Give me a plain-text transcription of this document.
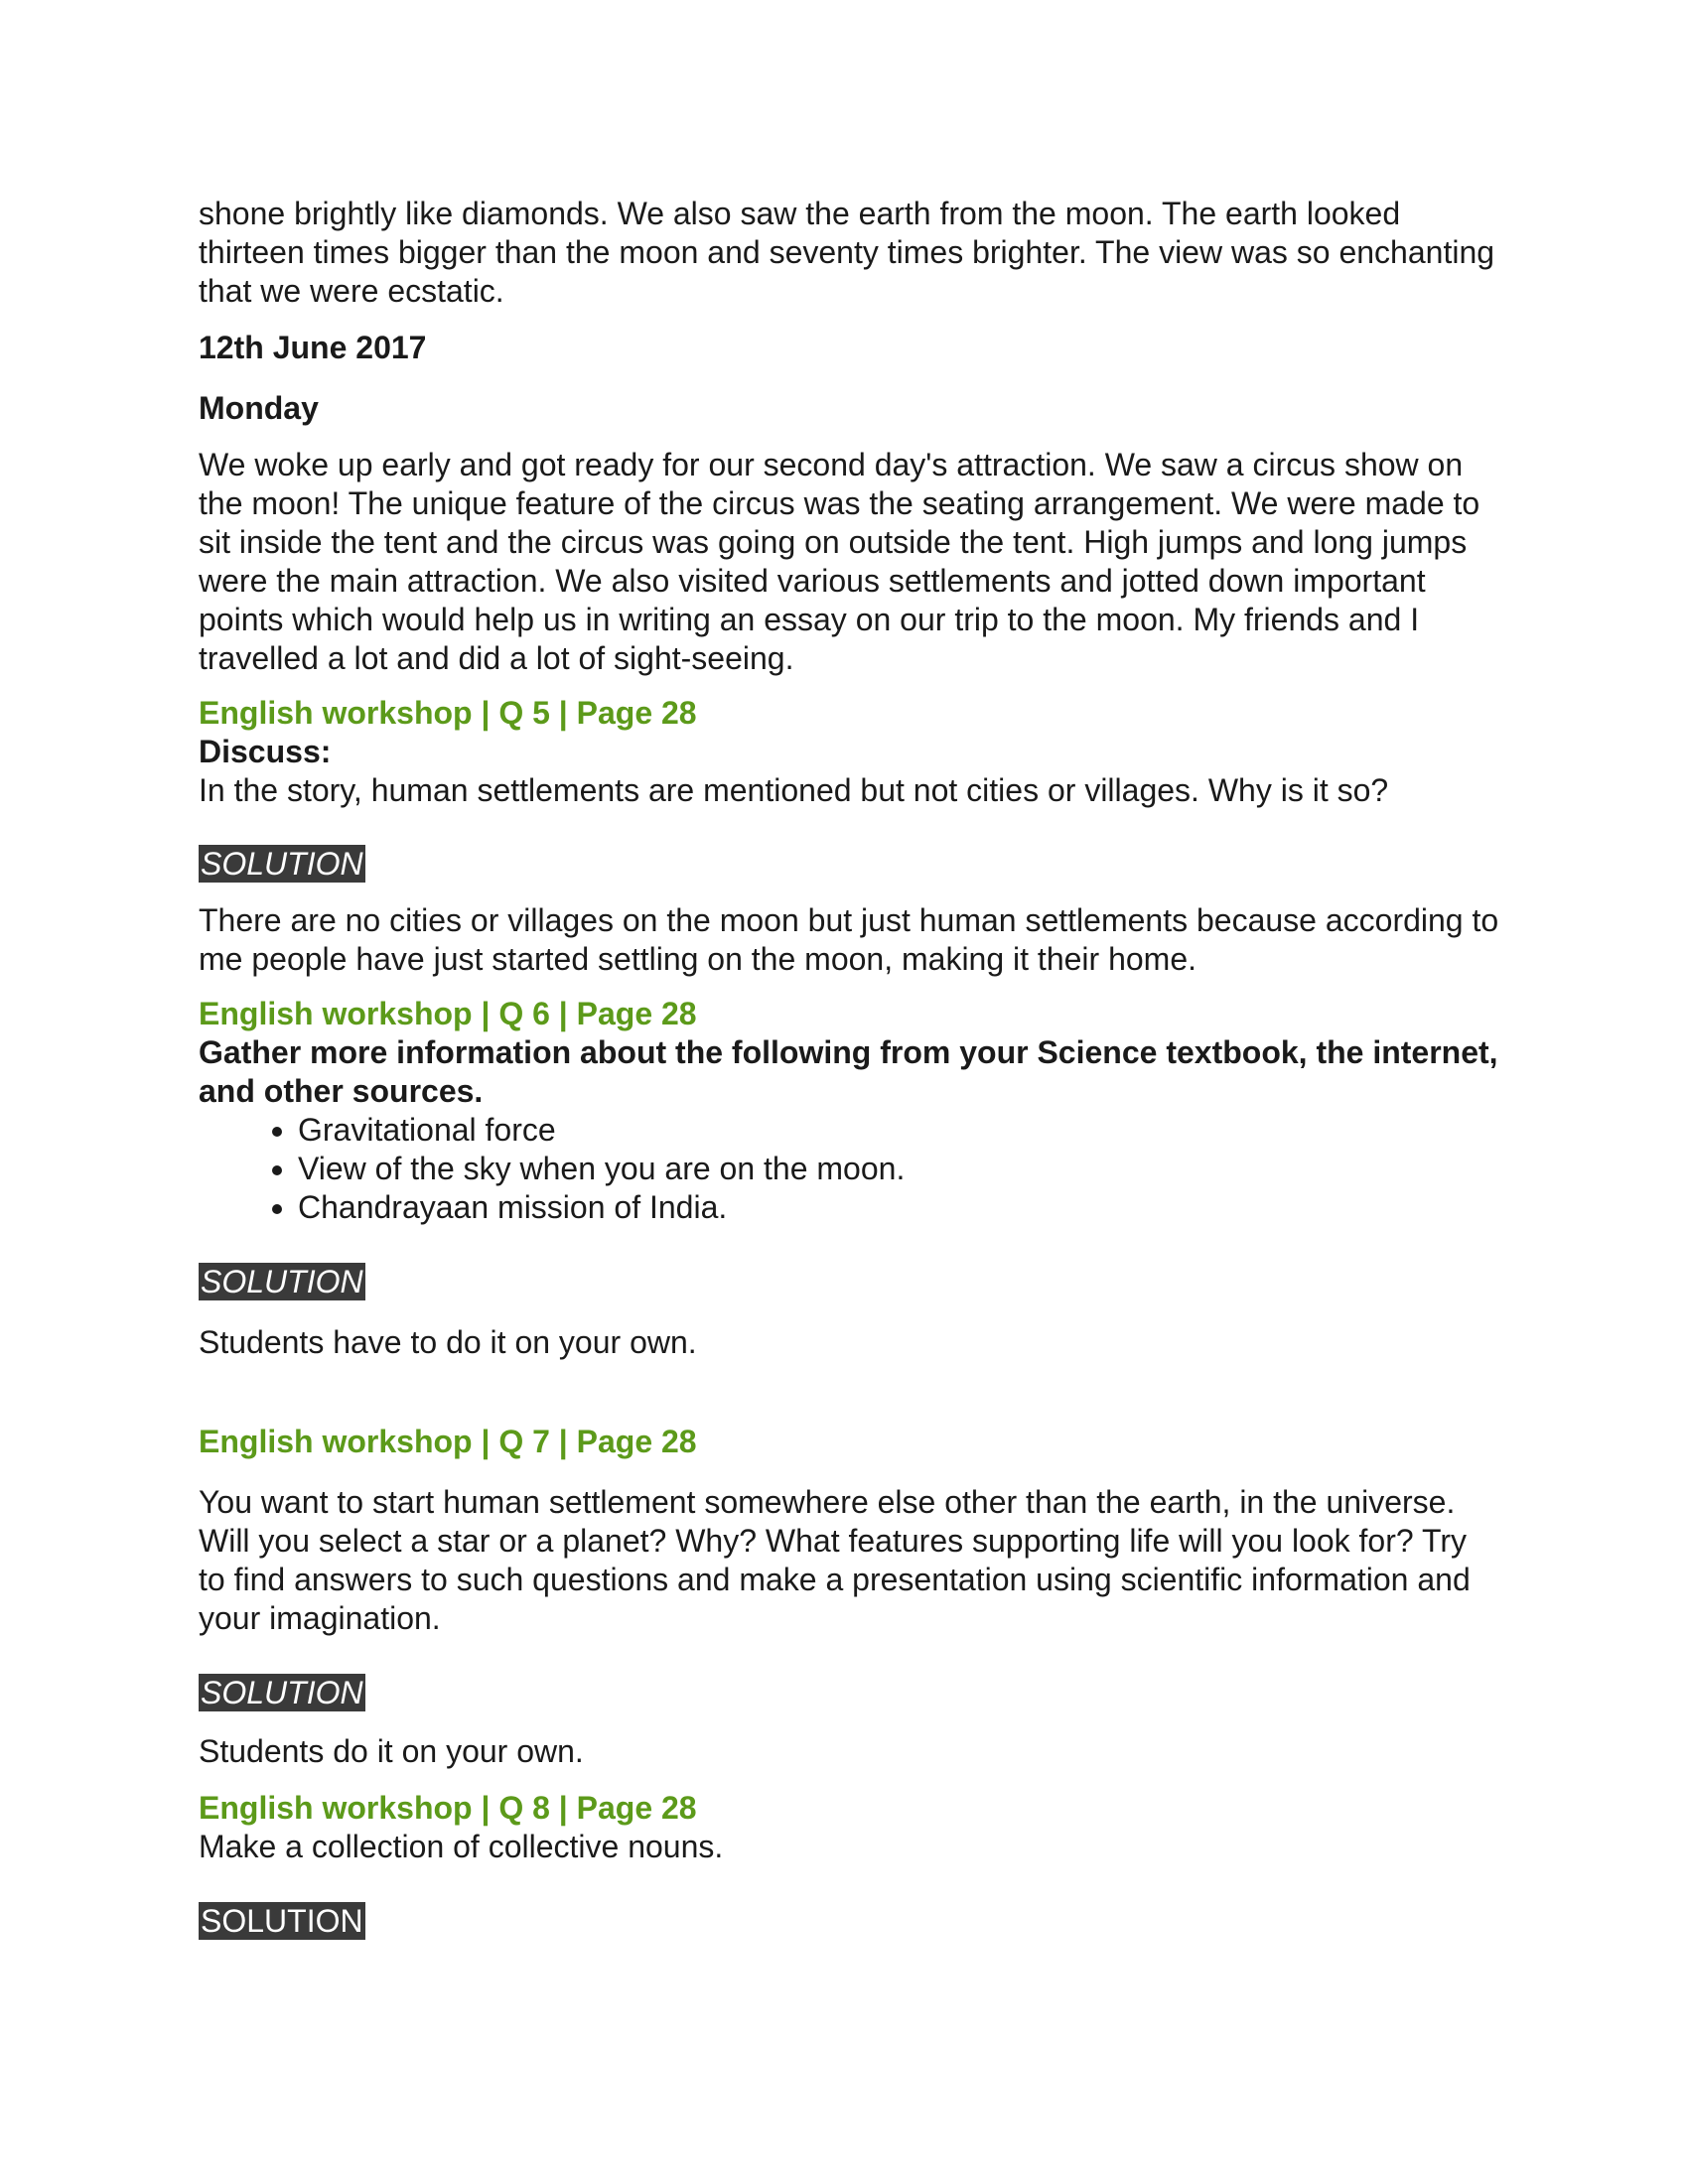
shone brightly like diamonds. We also saw the earth from the moon. The earth looked thirteen times bigger than the moon and seventy times brighter. The view was so enchanting that we were ecstatic.

12th June 2017

Monday

We woke up early and got ready for our second day's attraction. We saw a circus show on the moon! The unique feature of the circus was the seating arrangement. We were made to sit inside the tent and the circus was going on outside the tent. High jumps and long jumps were the main attraction. We also visited various settlements and jotted down important points which would help us in writing an essay on our trip to the moon. My friends and I travelled a lot and did a lot of sight-seeing.

English workshop | Q 5 | Page 28

Discuss:

In the story, human settlements are mentioned but not cities or villages. Why is it so?

SOLUTION

There are no cities or villages on the moon but just human settlements because according to me people have just started settling on the moon, making it their home.

English workshop | Q 6 | Page 28

Gather more information about the following from your Science textbook, the internet, and other sources.

• Gravitational force
• View of the sky when you are on the moon.
• Chandrayaan mission of India.
SOLUTION

Students have to do it on your own.

English workshop | Q 7 | Page 28

You want to start human settlement somewhere else other than the earth, in the universe. Will you select a star or a planet? Why? What features supporting life will you look for? Try to find answers to such questions and make a presentation using scientific information and your imagination.

SOLUTION

Students do it on your own.

English workshop | Q 8 | Page 28

Make a collection of collective nouns.

SOLUTION
